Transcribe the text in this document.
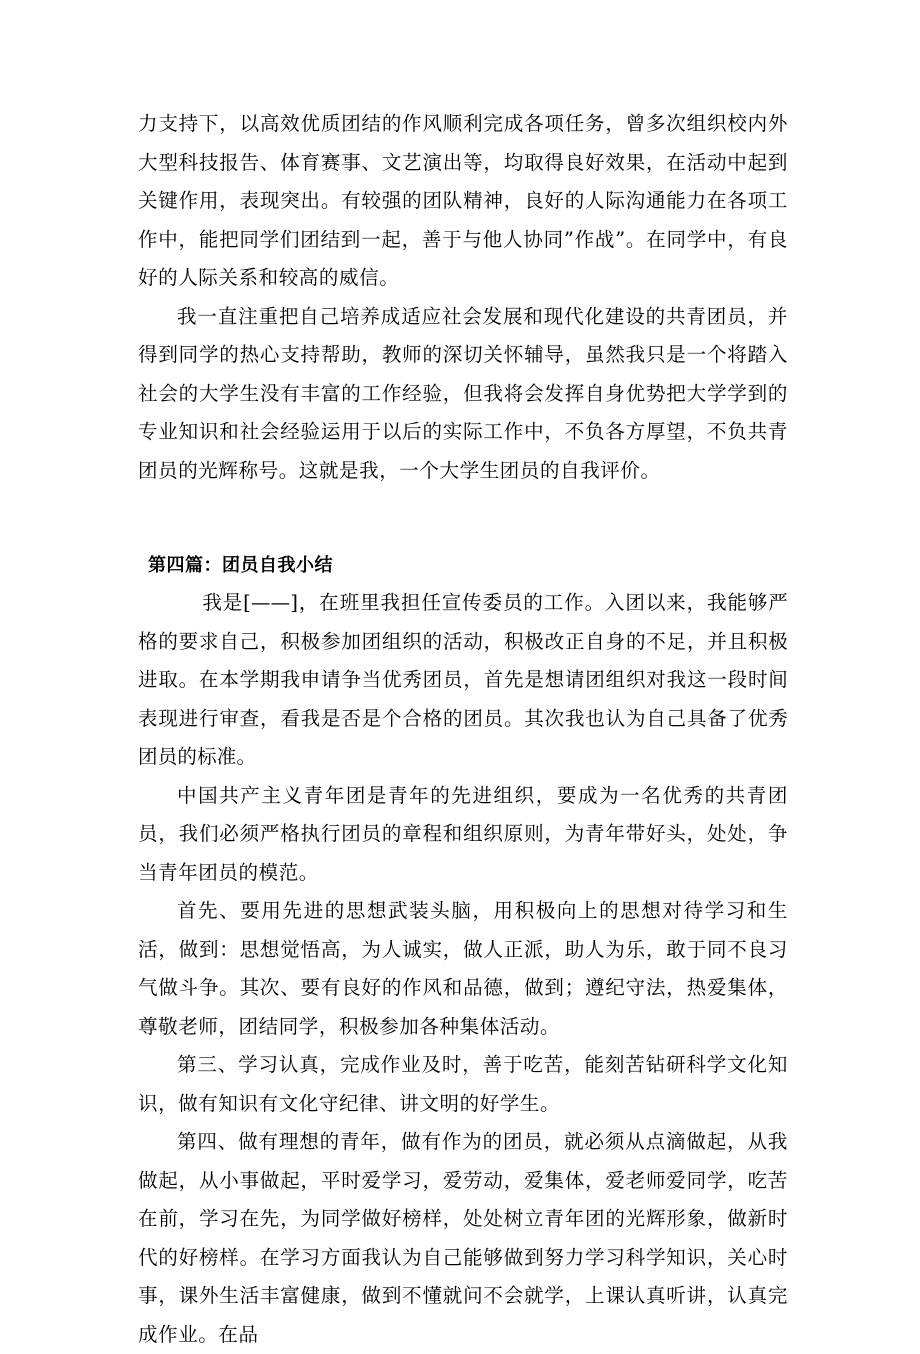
力支持下，以高效优质团结的作风顺利完成各项任务，曾多次组织校内外大型科技报告、体育赛事、文艺演出等，均取得良好效果，在活动中起到关键作用，表现突出。有较强的团队精神，良好的人际沟通能力在各项工作中，能把同学们团结到一起，善于与他人协同”作战”。在同学中，有良好的人际关系和较高的威信。

我一直注重把自己培养成适应社会发展和现代化建设的共青团员，并得到同学的热心支持帮助，教师的深切关怀辅导，虽然我只是一个将踏入社会的大学生没有丰富的工作经验，但我将会发挥自身优势把大学学到的专业知识和社会经验运用于以后的实际工作中，不负各方厚望，不负共青团员的光辉称号。这就是我，一个大学生团员的自我评价。

第四篇：团员自我小结

我是[——]，在班里我担任宣传委员的工作。入团以来，我能够严格的要求自己，积极参加团组织的活动，积极改正自身的不足，并且积极进取。在本学期我申请争当优秀团员，首先是想请团组织对我这一段时间表现进行审查，看我是否是个合格的团员。其次我也认为自己具备了优秀团员的标准。

中国共产主义青年团是青年的先进组织，要成为一名优秀的共青团员，我们必须严格执行团员的章程和组织原则，为青年带好头，处处，争当青年团员的模范。

首先、要用先进的思想武装头脑，用积极向上的思想对待学习和生活，做到：思想觉悟高，为人诚实，做人正派，助人为乐，敢于同不良习气做斗争。其次、要有良好的作风和品德，做到；遵纪守法，热爱集体，尊敬老师，团结同学，积极参加各种集体活动。

第三、学习认真，完成作业及时，善于吃苦，能刻苦钻研科学文化知识，做有知识有文化守纪律、讲文明的好学生。

第四、做有理想的青年，做有作为的团员，就必须从点滴做起，从我做起，从小事做起，平时爱学习，爱劳动，爱集体，爱老师爱同学，吃苦在前，学习在先，为同学做好榜样，处处树立青年团的光辉形象，做新时代的好榜样。在学习方面我认为自己能够做到努力学习科学知识，关心时事，课外生活丰富健康，做到不懂就问不会就学，上课认真听讲，认真完成作业。在品
